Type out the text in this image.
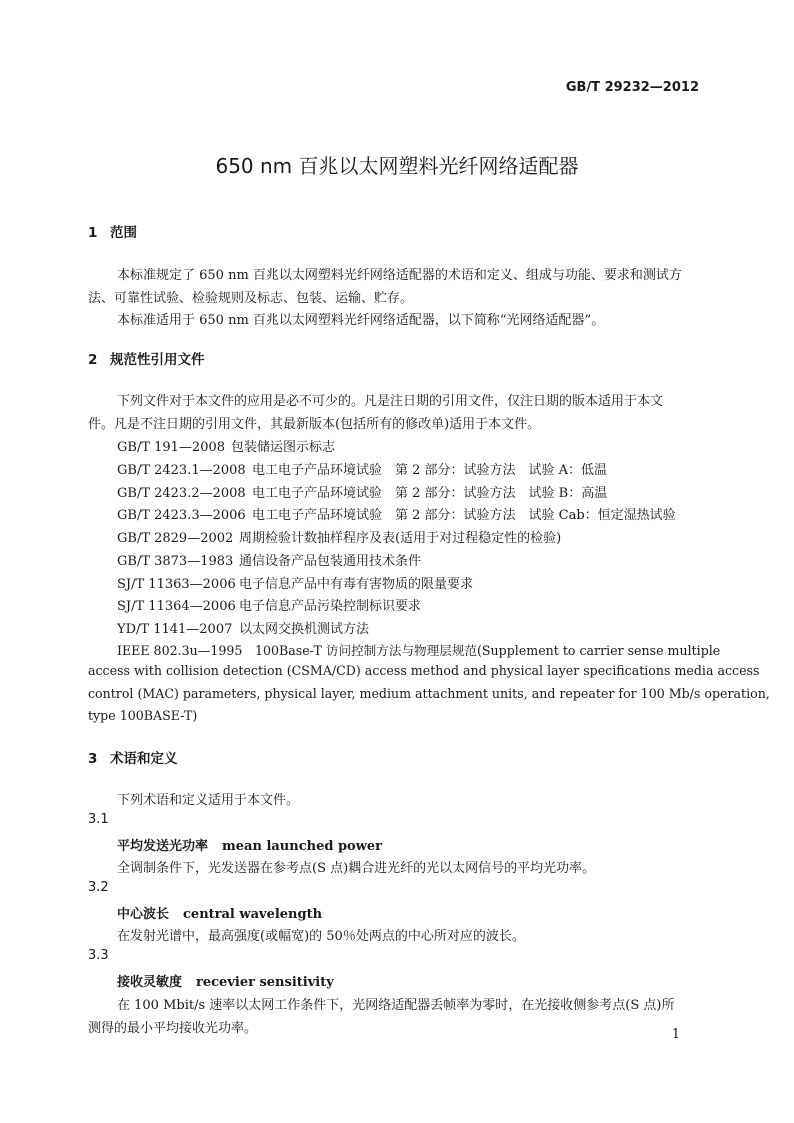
GB/T 29232—2012
650 nm 百兆以太网塑料光纤网络适配器
1 范围
本标准规定了 650 nm 百兆以太网塑料光纤网络适配器的术语和定义、组成与功能、要求和测试方
法、可靠性试验、检验规则及标志、包装、运输、贮存。
本标准适用于 650 nm 百兆以太网塑料光纤网络适配器，以下简称“光网络适配器”。
2 规范性引用文件
下列文件对于本文件的应用是必不可少的。凡是注日期的引用文件，仅注日期的版本适用于本文
件。凡是不注日期的引用文件，其最新版本(包括所有的修改单)适用于本文件。
GB/T 191—2008 包装储运图示标志
GB/T 2423.1—2008 电工电子产品环境试验　第 2 部分：试验方法　试验 A：低温
GB/T 2423.2—2008 电工电子产品环境试验　第 2 部分：试验方法　试验 B：高温
GB/T 2423.3—2006 电工电子产品环境试验　第 2 部分：试验方法　试验 Cab：恒定湿热试验
GB/T 2829—2002 周期检验计数抽样程序及表(适用于对过程稳定性的检验)
GB/T 3873—1983 通信设备产品包装通用技术条件
SJ/T 11363—2006 电子信息产品中有毒有害物质的限量要求
SJ/T 11364—2006 电子信息产品污染控制标识要求
YD/T 1141—2007 以太网交换机测试方法
IEEE 802.3u—1995　100Base-T 访问控制方法与物理层规范(Supplement to carrier sense multiple
access with collision detection (CSMA/CD) access method and physical layer specifications media access
control (MAC) parameters, physical layer, medium attachment units, and repeater for 100 Mb/s operation,
type 100BASE-T)
3 术语和定义
下列术语和定义适用于本文件。
3.1
平均发送光功率 mean launched power
全调制条件下，光发送器在参考点(S 点)耦合进光纤的光以太网信号的平均光功率。
3.2
中心波长 central wavelength
在发射光谱中，最高强度(或幅宽)的 50％处两点的中心所对应的波长。
3.3
接收灵敏度 recevier sensitivity
在 100 Mbit/s 速率以太网工作条件下，光网络适配器丢帧率为零时，在光接收侧参考点(S 点)所
测得的最小平均接收光功率。	1
